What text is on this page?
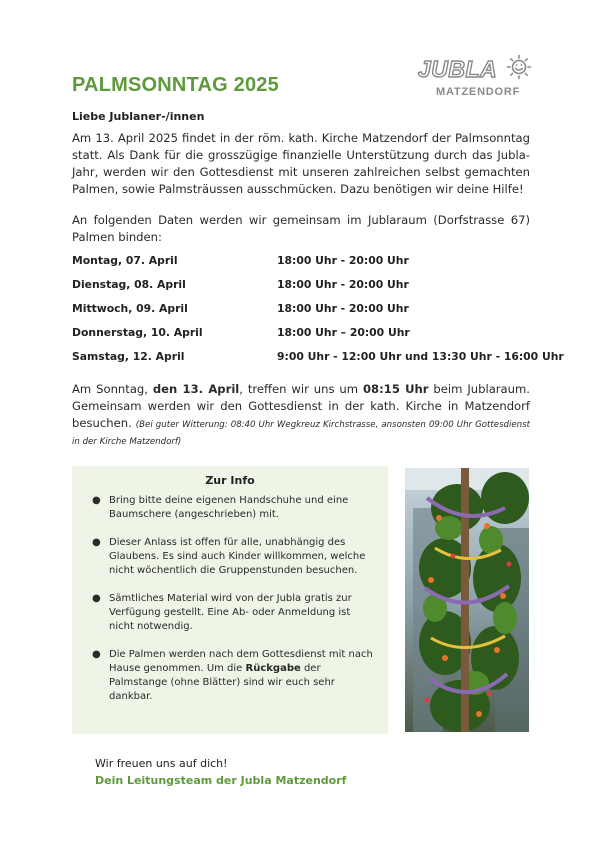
PALMSONNTAG 2025
JUBLA
MATZENDORF
Liebe Jublaner-/innen

Am 13. April 2025 findet in der röm. kath. Kirche Matzendorf der Palmsonntag statt. Als Dank für die grosszügige finanzielle Unterstützung durch das Jubla-Jahr, werden wir den Gottesdienst mit unseren zahlreichen selbst gemachten Palmen, sowie Palmsträussen ausschmücken. Dazu benötigen wir deine Hilfe!

An folgenden Daten werden wir gemeinsam im Jublaraum (Dorfstrasse 67) Palmen binden:

Montag, 07. April	18:00 Uhr - 20:00 Uhr
Dienstag, 08. April	18:00 Uhr - 20:00 Uhr
Mittwoch, 09. April	18:00 Uhr - 20:00 Uhr
Donnerstag, 10. April	18:00 Uhr – 20:00 Uhr
Samstag, 12. April	9:00 Uhr - 12:00 Uhr und 13:30 Uhr - 16:00 Uhr

Am Sonntag, den 13. April, treffen wir uns um 08:15 Uhr beim Jublaraum. Gemeinsam werden wir den Gottesdienst in der kath. Kirche in Matzendorf besuchen. (Bei guter Witterung: 08:40 Uhr Wegkreuz Kirchstrasse, ansonsten 09:00 Uhr Gottesdienst in der Kirche Matzendorf)

Zur Info
● Bring bitte deine eigenen Handschuhe und eine Baumschere (angeschrieben) mit.
● Dieser Anlass ist offen für alle, unabhängig des Glaubens. Es sind auch Kinder willkommen, welche nicht wöchentlich die Gruppenstunden besuchen.
● Sämtliches Material wird von der Jubla gratis zur Verfügung gestellt. Eine Ab- oder Anmeldung ist nicht notwendig.
● Die Palmen werden nach dem Gottesdienst mit nach Hause genommen. Um die Rückgabe der Palmstange (ohne Blätter) sind wir euch sehr dankbar.
Wir freuen uns auf dich!
Dein Leitungsteam der Jubla Matzendorf
